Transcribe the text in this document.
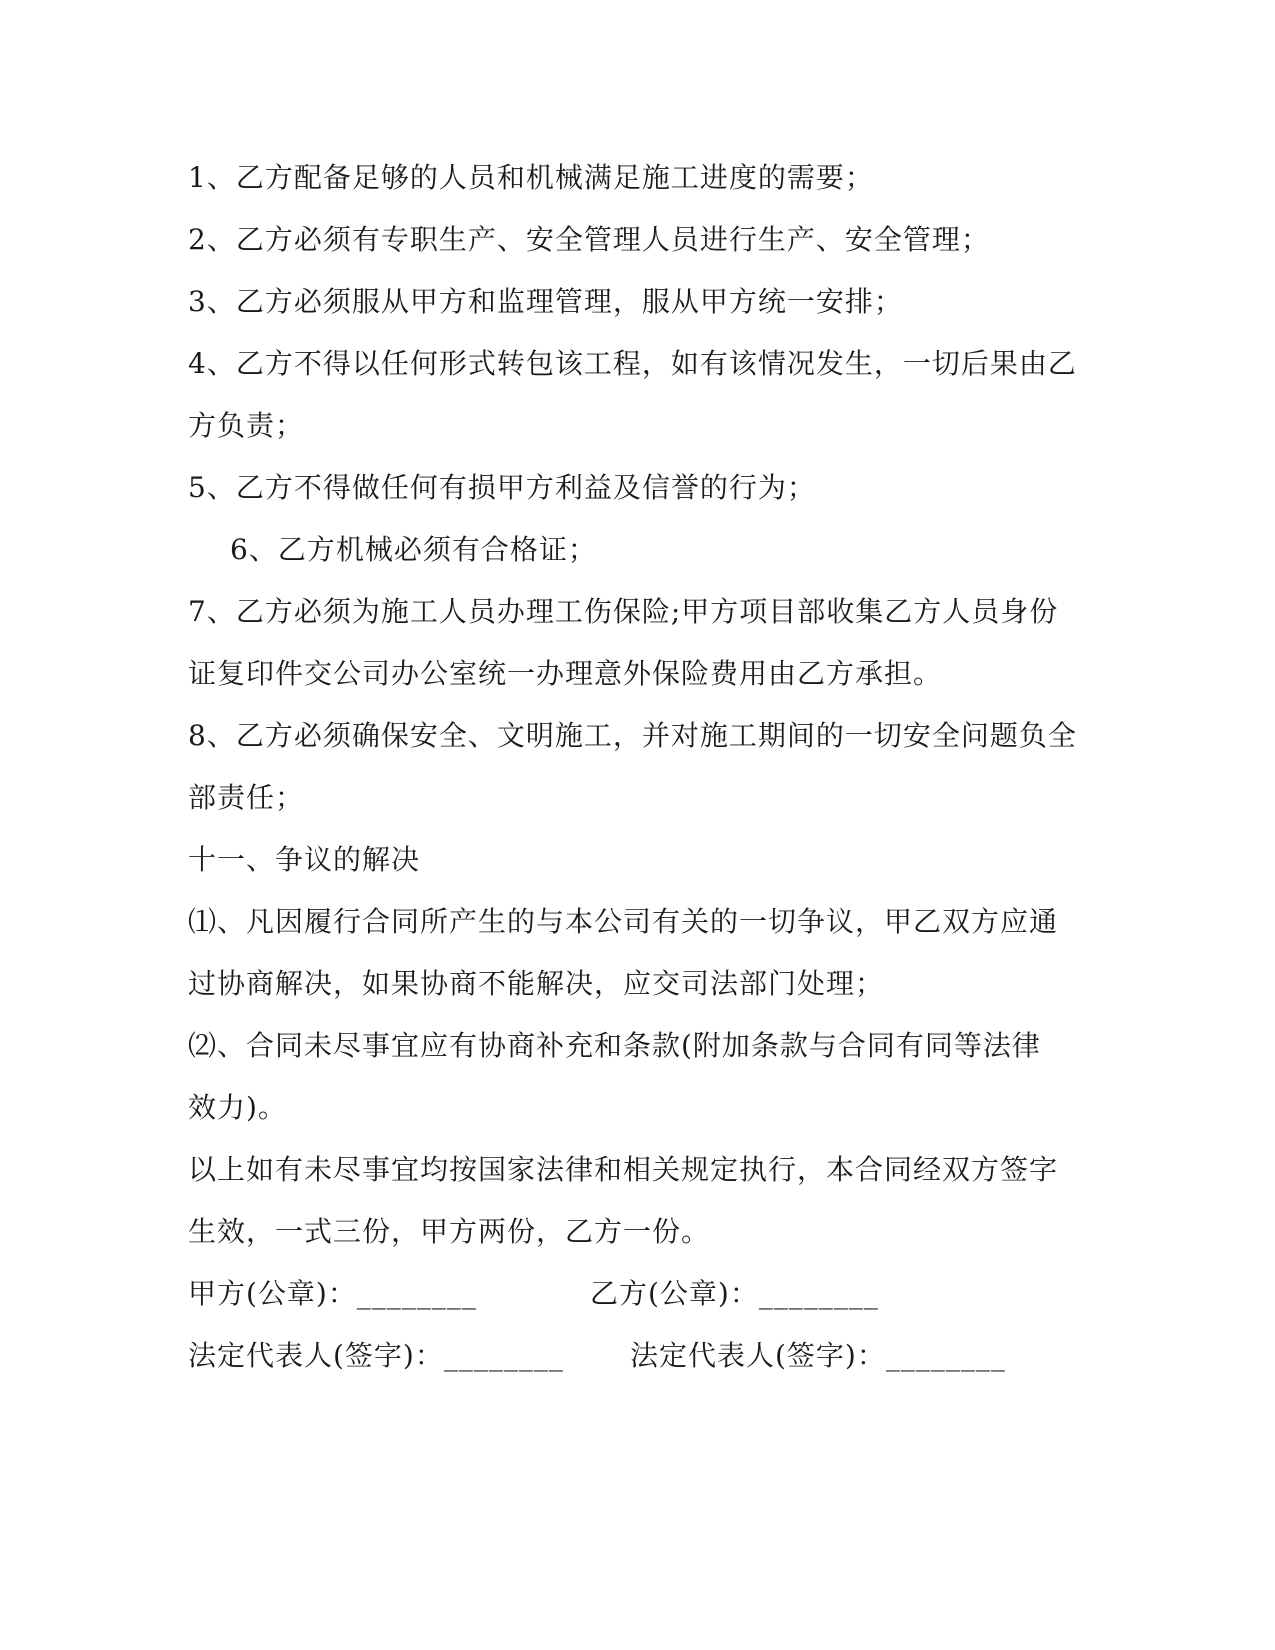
1、乙方配备足够的人员和机械满足施工进度的需要；
2、乙方必须有专职生产、安全管理人员进行生产、安全管理；
3、乙方必须服从甲方和监理管理，服从甲方统一安排；
4、乙方不得以任何形式转包该工程，如有该情况发生，一切后果由乙
方负责；
5、乙方不得做任何有损甲方利益及信誉的行为；
6、乙方机械必须有合格证；
7、乙方必须为施工人员办理工伤保险;甲方项目部收集乙方人员身份
证复印件交公司办公室统一办理意外保险费用由乙方承担。
8、乙方必须确保安全、文明施工，并对施工期间的一切安全问题负全
部责任；
十一、争议的解决
⑴、凡因履行合同所产生的与本公司有关的一切争议，甲乙双方应通
过协商解决，如果协商不能解决，应交司法部门处理；
⑵、合同未尽事宜应有协商补充和条款(附加条款与合同有同等法律
效力)。
以上如有未尽事宜均按国家法律和相关规定执行，本合同经双方签字
生效，一式三份，甲方两份，乙方一份。
甲方(公章)：________	乙方(公章)：________
法定代表人(签字)：________ 法定代表人(签字)：________
